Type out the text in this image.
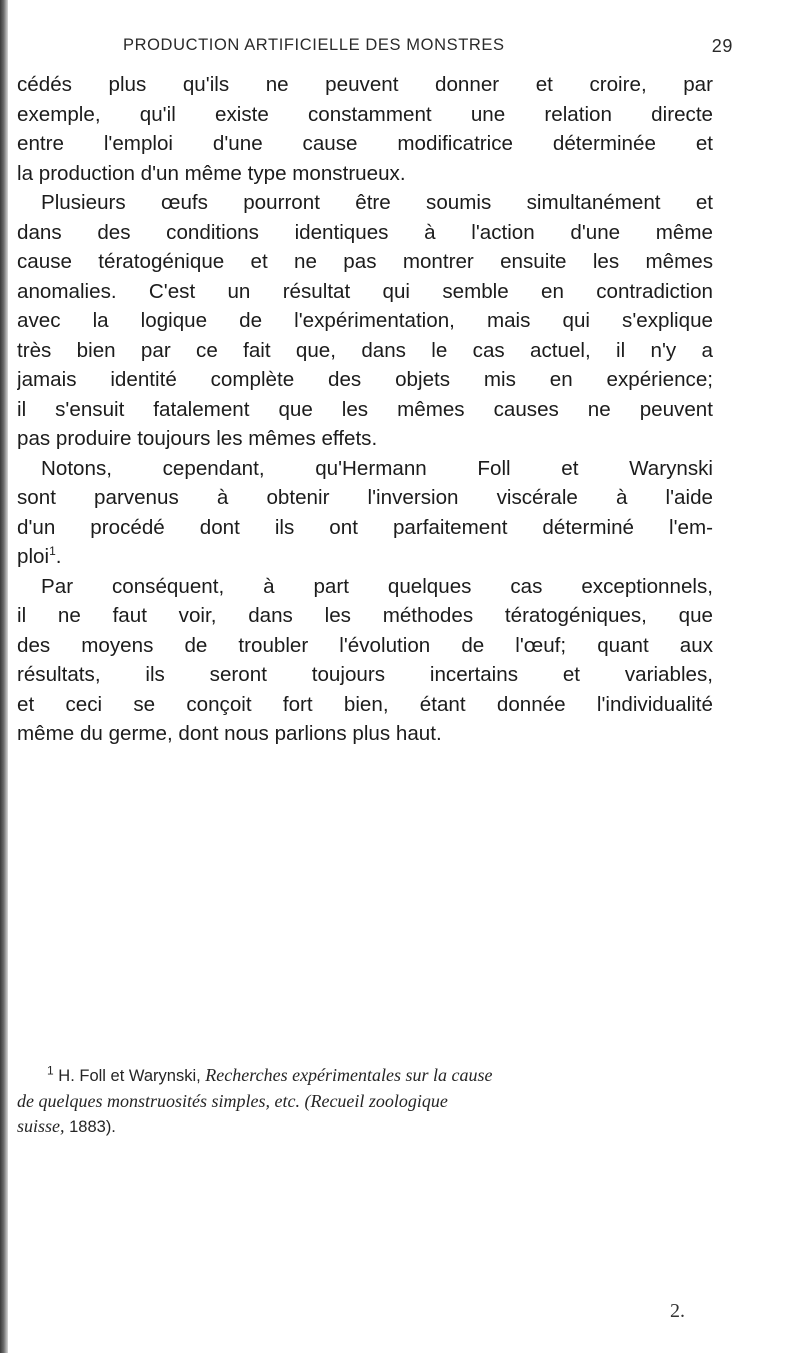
PRODUCTION ARTIFICIELLE DES MONSTRES	29
cédés plus qu'ils ne peuvent donner et croire, par
exemple, qu'il existe constamment une relation directe
entre l'emploi d'une cause modificatrice déterminée et
la production d'un même type monstrueux.
Plusieurs œufs pourront être soumis simultanément et
dans des conditions identiques à l'action d'une même
cause tératogénique et ne pas montrer ensuite les mêmes
anomalies. C'est un résultat qui semble en contradiction
avec la logique de l'expérimentation, mais qui s'explique
très bien par ce fait que, dans le cas actuel, il n'y a
jamais identité complète des objets mis en expérience;
il s'ensuit fatalement que les mêmes causes ne peuvent
pas produire toujours les mêmes effets.
Notons, cependant, qu'Hermann Foll et Warynski
sont parvenus à obtenir l'inversion viscérale à l'aide
d'un procédé dont ils ont parfaitement déterminé l'em-
ploi$^1$.
Par conséquent, à part quelques cas exceptionnels,
il ne faut voir, dans les méthodes tératogéniques, que
des moyens de troubler l'évolution de l'œuf; quant aux
résultats, ils seront toujours incertains et variables,
et ceci se conçoit fort bien, étant donnée l'individualité
même du germe, dont nous parlions plus haut.
$^1$ H. Foll et Warynski, Recherches expérimentales sur la cause
de quelques monstruosités simples, etc. (Recueil zoologique
suisse, 1883).
2.
